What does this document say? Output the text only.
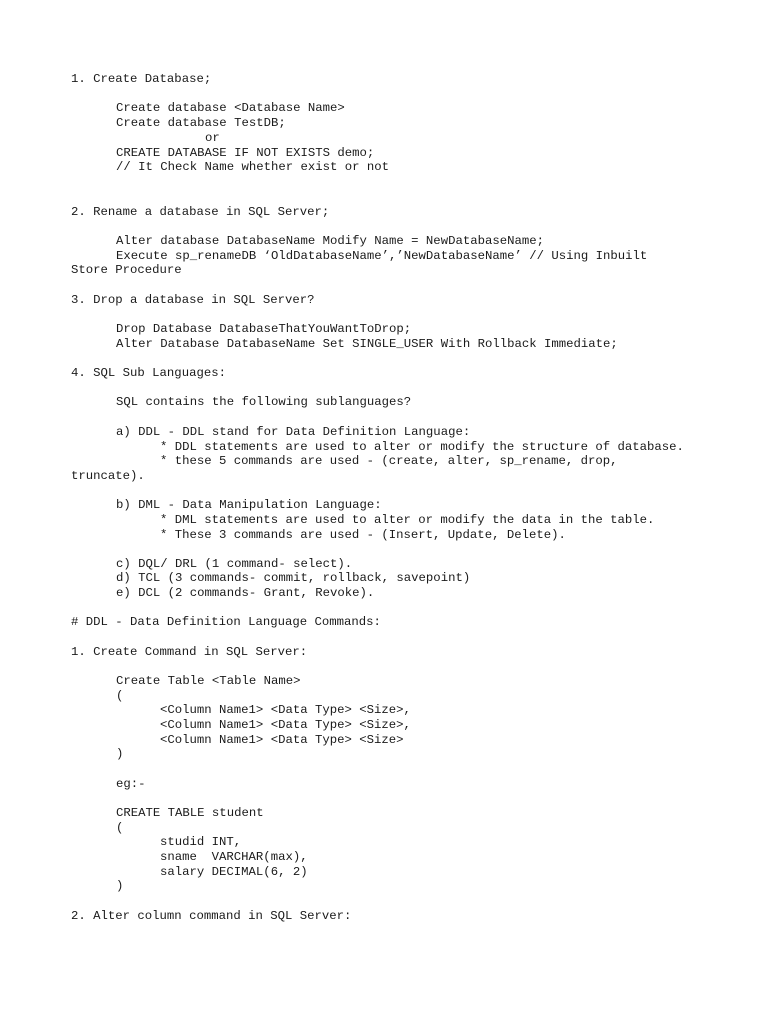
1. Create Database;
Create database <Database Name>
Create database TestDB;
or
CREATE DATABASE IF NOT EXISTS demo;
// It Check Name whether exist or not
2. Rename a database in SQL Server;
Alter database DatabaseName Modify Name = NewDatabaseName;
Execute sp_renameDB ‘OldDatabaseName’,’NewDatabaseName’ // Using Inbuilt
Store Procedure
3. Drop a database in SQL Server?
Drop Database DatabaseThatYouWantToDrop;
Alter Database DatabaseName Set SINGLE_USER With Rollback Immediate;
4. SQL Sub Languages:
SQL contains the following sublanguages?
a) DDL - DDL stand for Data Definition Language:
* DDL statements are used to alter or modify the structure of database.
* these 5 commands are used - (create, alter, sp_rename, drop,
truncate).
b) DML - Data Manipulation Language:
* DML statements are used to alter or modify the data in the table.
* These 3 commands are used - (Insert, Update, Delete).
c) DQL/ DRL (1 command- select).
d) TCL (3 commands- commit, rollback, savepoint)
e) DCL (2 commands- Grant, Revoke).
# DDL - Data Definition Language Commands:
1. Create Command in SQL Server:
Create Table <Table Name>
(
<Column Name1> <Data Type> <Size>,
<Column Name1> <Data Type> <Size>,
<Column Name1> <Data Type> <Size>
)
eg:-
CREATE TABLE student
(
studid INT,
sname  VARCHAR(max),
salary DECIMAL(6, 2)
)
2. Alter column command in SQL Server:
